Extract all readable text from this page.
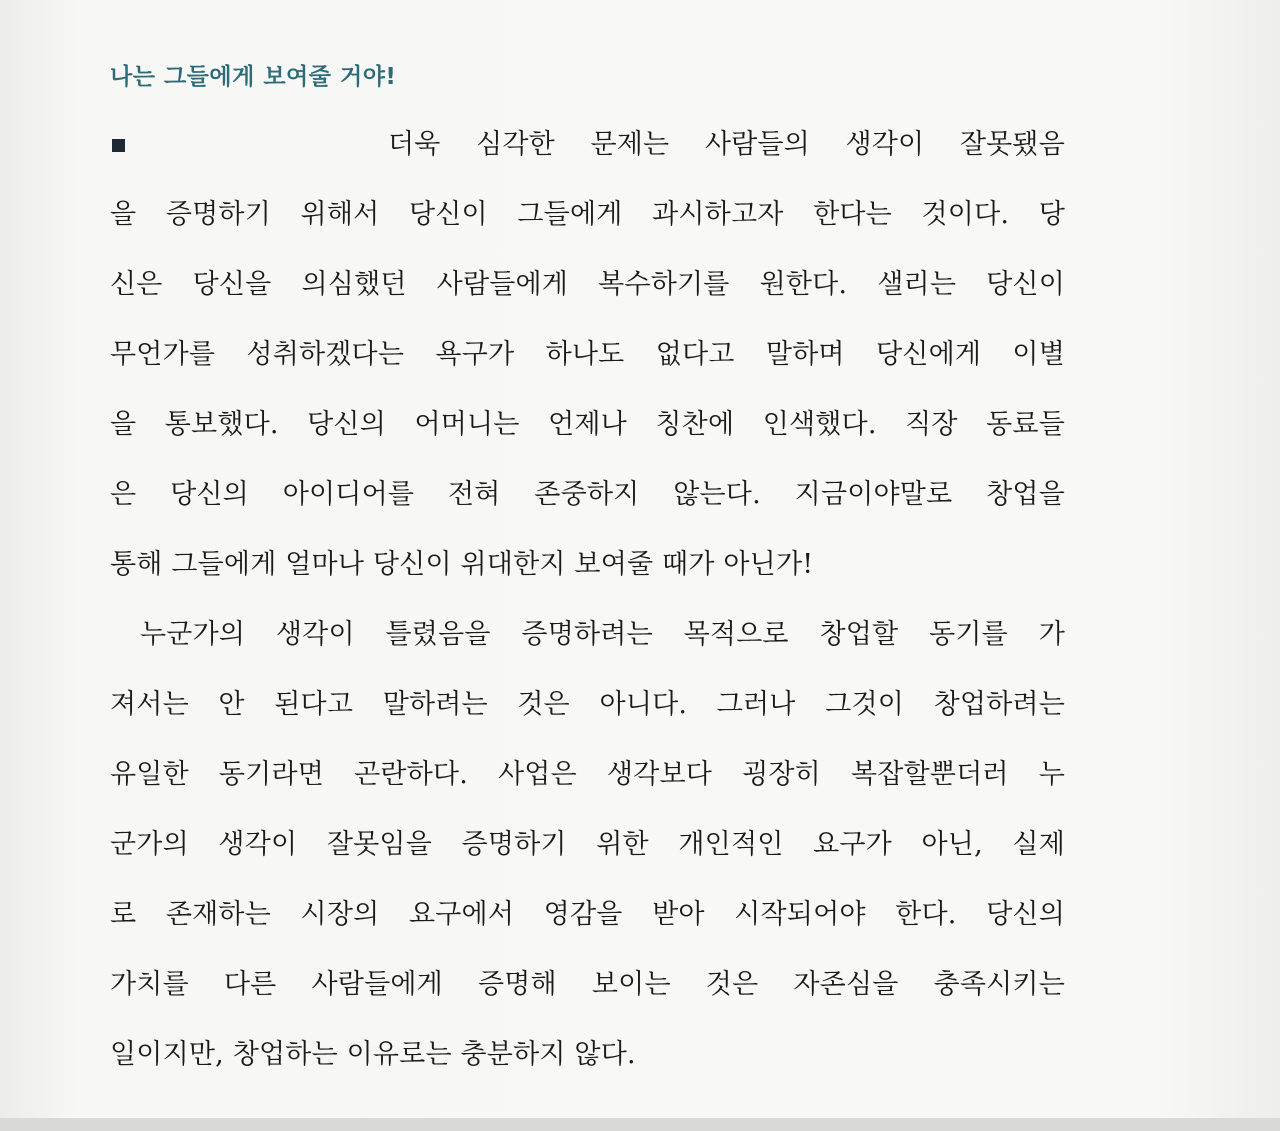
나는 그들에게 보여줄 거야!
더욱 심각한 문제는 사람들의 생각이 잘못됐음
을 증명하기 위해서 당신이 그들에게 과시하고자 한다는 것이다. 당
신은 당신을 의심했던 사람들에게 복수하기를 원한다. 샐리는 당신이
무언가를 성취하겠다는 욕구가 하나도 없다고 말하며 당신에게 이별
을 통보했다. 당신의 어머니는 언제나 칭찬에 인색했다. 직장 동료들
은 당신의 아이디어를 전혀 존중하지 않는다. 지금이야말로 창업을
통해 그들에게 얼마나 당신이 위대한지 보여줄 때가 아닌가!
누군가의 생각이 틀렸음을 증명하려는 목적으로 창업할 동기를 가
져서는 안 된다고 말하려는 것은 아니다. 그러나 그것이 창업하려는
유일한 동기라면 곤란하다. 사업은 생각보다 굉장히 복잡할뿐더러 누
군가의 생각이 잘못임을 증명하기 위한 개인적인 요구가 아닌, 실제
로 존재하는 시장의 요구에서 영감을 받아 시작되어야 한다. 당신의
가치를 다른 사람들에게 증명해 보이는 것은 자존심을 충족시키는
일이지만, 창업하는 이유로는 충분하지 않다.
